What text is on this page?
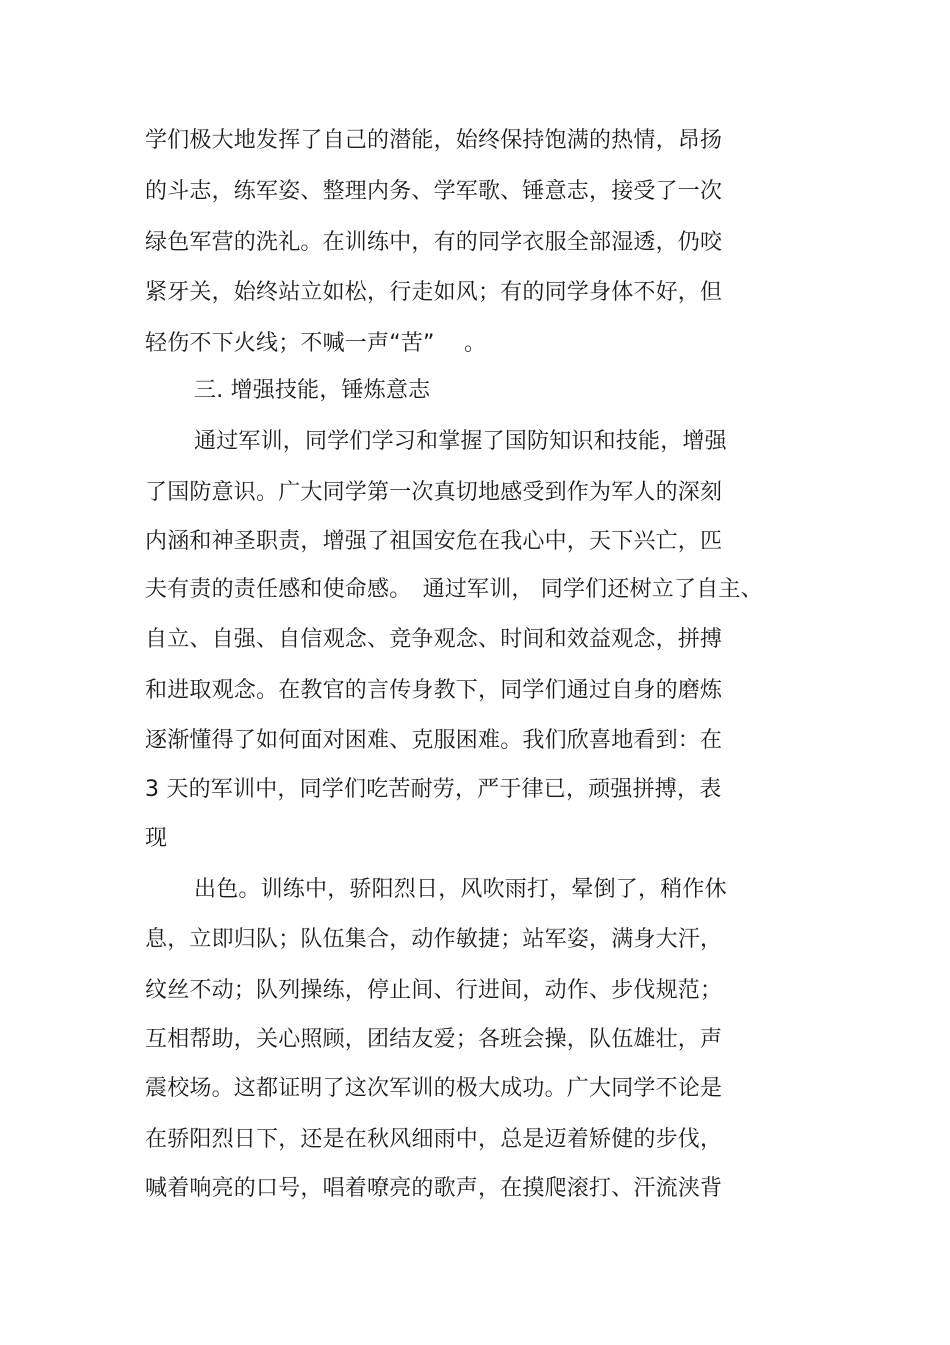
学们极大地发挥了自己的潜能，始终保持饱满的热情，昂扬
的斗志，练军姿、整理内务、学军歌、锤意志，接受了一次
绿色军营的洗礼。在训练中，有的同学衣服全部湿透，仍咬
紧牙关，始终站立如松，行走如风；有的同学身体不好，但
轻伤不下火线；不喊一声“苦”　 。
三. 增强技能，锤炼意志
通过军训，同学们学习和掌握了国防知识和技能，增强
了国防意识。广大同学第一次真切地感受到作为军人的深刻
内涵和神圣职责，增强了祖国安危在我心中，天下兴亡，匹
夫有责的责任感和使命感。　通过军训， 同学们还树立了自主、
自立、自强、自信观念、竞争观念、时间和效益观念，拼搏
和进取观念。在教官的言传身教下，同学们通过自身的磨炼
逐渐懂得了如何面对困难、克服困难。我们欣喜地看到：在
3 天的军训中，同学们吃苦耐劳，严于律已，顽强拼搏，表
现
出色。训练中，骄阳烈日，风吹雨打，晕倒了，稍作休
息，立即归队；队伍集合，动作敏捷；站军姿，满身大汗，
纹丝不动；队列操练，停止间、行进间，动作、步伐规范；
互相帮助，关心照顾，团结友爱；各班会操，队伍雄壮，声
震校场。这都证明了这次军训的极大成功。广大同学不论是
在骄阳烈日下，还是在秋风细雨中，总是迈着矫健的步伐，
喊着响亮的口号，唱着嘹亮的歌声，在摸爬滚打、汗流浃背
